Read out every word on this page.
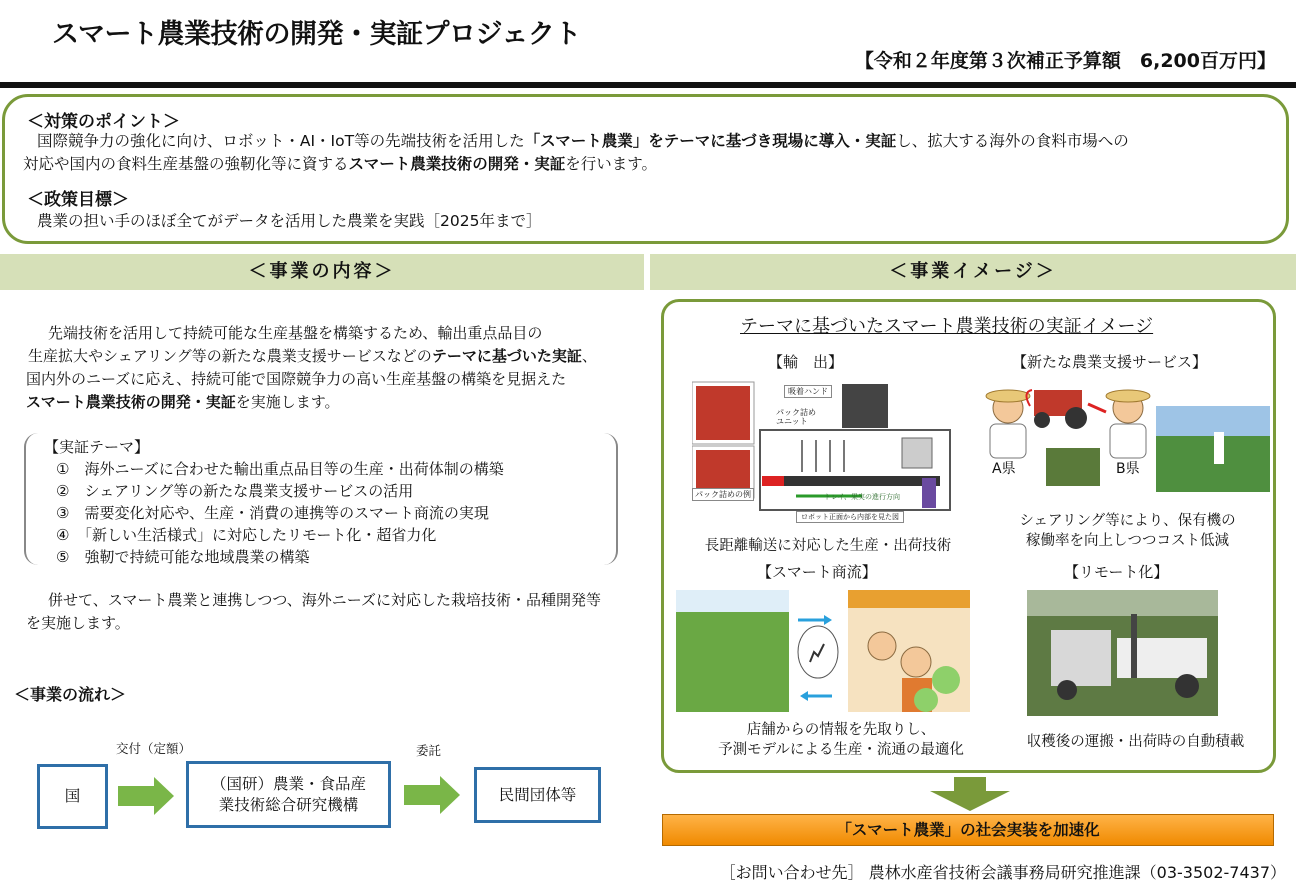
スマート農業技術の開発・実証プロジェクト
【令和２年度第３次補正予算額　6,200百万円】
＜対策のポイント＞
国際競争力の強化に向け、ロボット・AI・IoT等の先端技術を活用した「スマート農業」をテーマに基づき現場に導入・実証し、拡大する海外の食料市場への
対応や国内の食料生産基盤の強靭化等に資するスマート農業技術の開発・実証を行います。
＜政策目標＞
農業の担い手のほぼ全てがデータを活用した農業を実践［2025年まで］
＜事業の内容＞	＜事業イメージ＞
先端技術を活用して持続可能な生産基盤を構築するため、輸出重点品目の
生産拡大やシェアリング等の新たな農業支援サービスなどのテーマに基づいた実証、
国内外のニーズに応え、持続可能で国際競争力の高い生産基盤の構築を見据えた
スマート農業技術の開発・実証を実施します。
【実証テーマ】
①　海外ニーズに合わせた輸出重点品目等の生産・出荷体制の構築
②　シェアリング等の新たな農業支援サービスの活用
③　需要変化対応や、生産・消費の連携等のスマート商流の実現
④　「新しい生活様式」に対応したリモート化・超省力化
⑤　強靭で持続可能な地域農業の構築
併せて、スマート農業と連携しつつ、海外ニーズに対応した栽培技術・品種開発等
を実施します。
＜事業の流れ＞
交付（定額）	委託
国
（国研）農業・食品産
業技術総合研究機構
民間団体等
テーマに基づいたスマート農業技術の実証イメージ
【輸　出】
吸着ハンド
パック詰め
ユニット
パック詰めの例	トレイ、果実の進行方向
ロボット正面から内部を見た図
長距離輸送に対応した生産・出荷技術
【新たな農業支援サービス】
A県	B県
シェアリング等により、保有機の
稼働率を向上しつつコスト低減
【スマート商流】
店舗からの情報を先取りし、
予測モデルによる生産・流通の最適化
【リモート化】
収穫後の運搬・出荷時の自動積載
「スマート農業」の社会実装を加速化
［お問い合わせ先］ 農林水産省技術会議事務局研究推進課（03-3502-7437）
